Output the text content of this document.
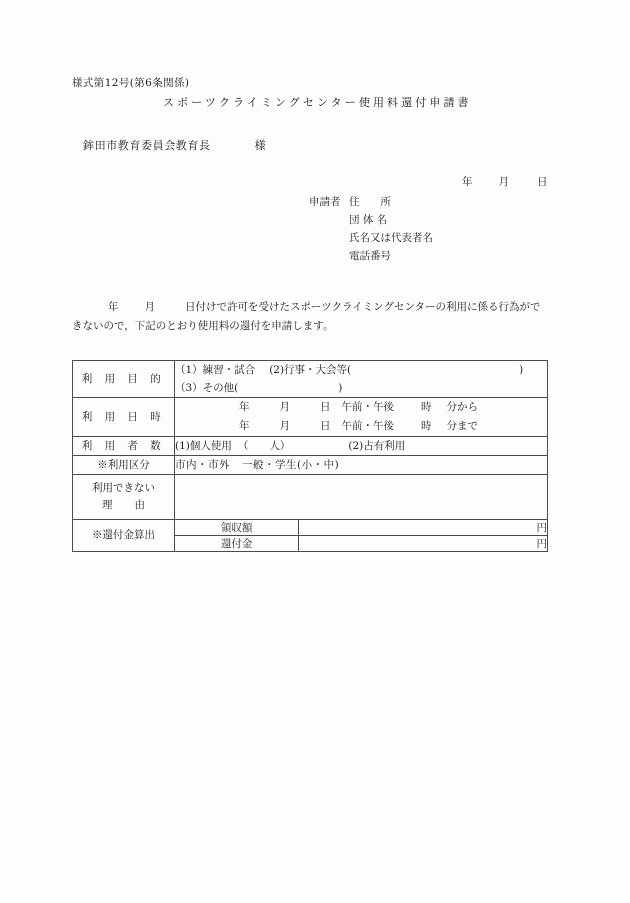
様式第12号(第6条関係)
スポーツクライミングセンター使用料還付申請書
鉾田市教育委員会教育長	様
年 月	日
申請者 住　　所
団 体 名
氏名又は代表者名
電話番号
年 月	日付けで許可を受けたスポーツクライミングセンターの利用に係る行為ができないので，下記のとおり使用料の還付を申請します。
利 用 目 的	（1）練習・試合 (2)行事・大会等( )
（3）その他( )	

利 用 日 時	年 月 日 午前・午後 時 分から
年 月 日 午前・午後 時 分まで	

利 用 者 数	(1)個人使用 （　　人） (2)占有利用	
※利用区分	市内・市外 一般・学生(小・中)	

利用できない
理由		

※還付金算出	領収額	円
	還付金	円
